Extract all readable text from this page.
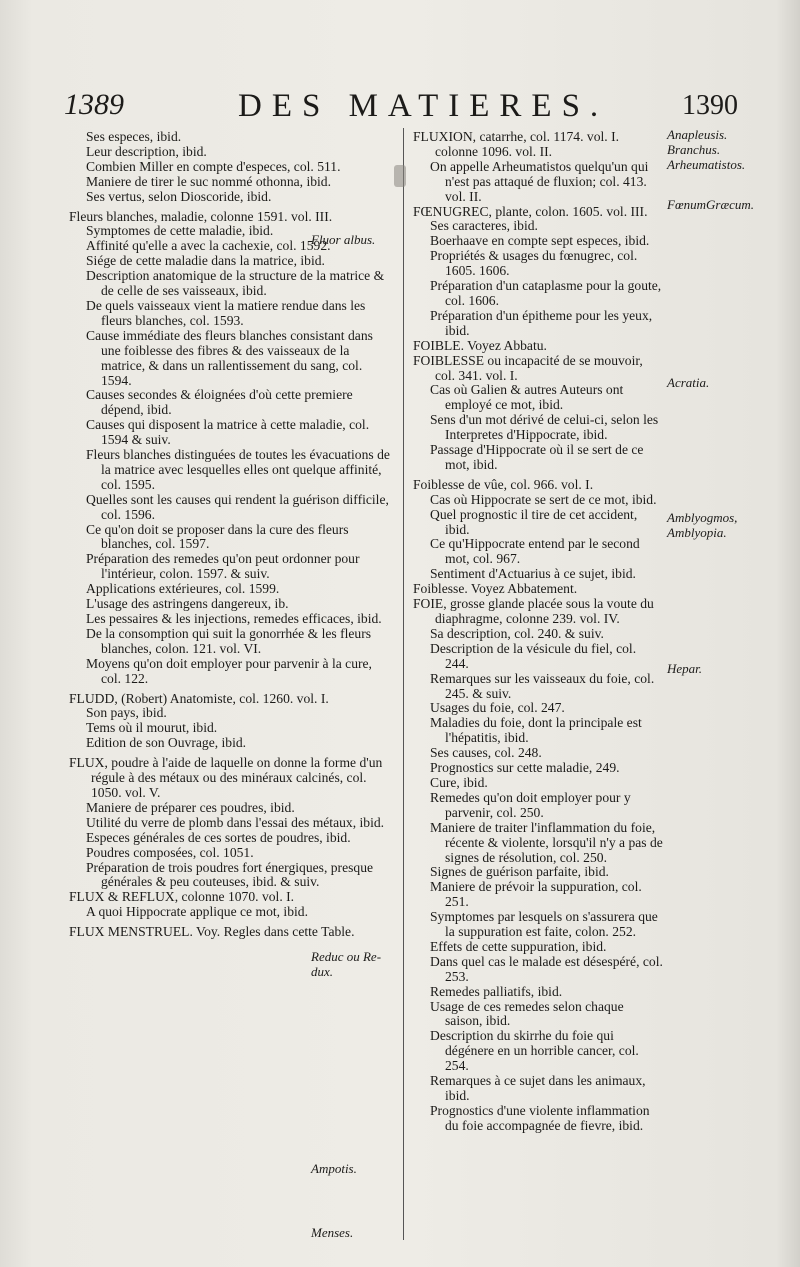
1389	DES MATIERES.	1390

Ses especes, ibid.

Leur description, ibid.

Combien Miller en compte d'especes, col. 511.

Maniere de tirer le suc nommé othonna, ibid.

Ses vertus, selon Dioscoride, ibid.

Fleurs blanches, maladie, colonne 1591. vol. III.

Symptomes de cette maladie, ibid.

Affinité qu'elle a avec la cachexie, col. 1592.

Siége de cette maladie dans la matrice, ibid.

Description anatomique de la structure de la matrice & de celle de ses vaisseaux, ibid.

De quels vaisseaux vient la matiere rendue dans les fleurs blanches, col. 1593.

Cause immédiate des fleurs blanches consistant dans une foiblesse des fibres & des vaisseaux de la matrice, & dans un rallentissement du sang, col. 1594.

Causes secondes & éloignées d'où cette premiere dépend, ibid.

Causes qui disposent la matrice à cette maladie, col. 1594 & suiv.

Fleurs blanches distinguées de toutes les évacuations de la matrice avec lesquelles elles ont quelque affinité, col. 1595.

Quelles sont les causes qui rendent la guérison difficile, col. 1596.

Ce qu'on doit se proposer dans la cure des fleurs blanches, col. 1597.

Préparation des remedes qu'on peut ordonner pour l'intérieur, colon. 1597. & suiv.

Applications extérieures, col. 1599.

L'usage des astringens dangereux, ib.

Les pessaires & les injections, remedes efficaces, ibid.

De la consomption qui suit la gonorrhée & les fleurs blanches, colon. 121. vol. VI.

Moyens qu'on doit employer pour parvenir à la cure, col. 122.

FLUDD, (Robert) Anatomiste, col. 1260. vol. I.

Son pays, ibid.

Tems où il mourut, ibid.

Edition de son Ouvrage, ibid.

FLUX, poudre à l'aide de laquelle on donne la forme d'un régule à des métaux ou des minéraux calcinés, col. 1050. vol. V.

Maniere de préparer ces poudres, ibid.

Utilité du verre de plomb dans l'essai des métaux, ibid.

Especes générales de ces sortes de poudres, ibid.

Poudres composées, col. 1051.

Préparation de trois poudres fort énergiques, presque générales & peu couteuses, ibid. & suiv.

FLUX & REFLUX, colonne 1070. vol. I.

A quoi Hippocrate applique ce mot, ibid.

FLUX MENSTRUEL. Voy. Regles dans cette Table.

FLUXION, catarrhe, col. 1174. vol. I. colonne 1096. vol. II.

On appelle Arheumatistos quelqu'un qui n'est pas attaqué de fluxion; col. 413. vol. II.

FŒNUGREC, plante, colon. 1605. vol. III.

Ses caracteres, ibid.

Boerhaave en compte sept especes, ibid.

Propriétés & usages du fœnugrec, col. 1605. 1606.

Préparation d'un cataplasme pour la goute, col. 1606.

Préparation d'un épitheme pour les yeux, ibid.

FOIBLE. Voyez Abbatu.

FOIBLESSE ou incapacité de se mouvoir, col. 341. vol. I.

Cas où Galien & autres Auteurs ont employé ce mot, ibid.

Sens d'un mot dérivé de celui-ci, selon les Interpretes d'Hippocrate, ibid.

Passage d'Hippocrate où il se sert de ce mot, ibid.

Foiblesse de vûe, col. 966. vol. I.

Cas où Hippocrate se sert de ce mot, ibid.

Quel prognostic il tire de cet accident, ibid.

Ce qu'Hippocrate entend par le second mot, col. 967.

Sentiment d'Actuarius à ce sujet, ibid.

Foiblesse. Voyez Abbatement.

FOIE, grosse glande placée sous la voute du diaphragme, colonne 239. vol. IV.

Sa description, col. 240. & suiv.

Description de la vésicule du fiel, col. 244.

Remarques sur les vaisseaux du foie, col. 245. & suiv.

Usages du foie, col. 247.

Maladies du foie, dont la principale est l'hépatitis, ibid.

Ses causes, col. 248.

Prognostics sur cette maladie, 249.

Cure, ibid.

Remedes qu'on doit employer pour y parvenir, col. 250.

Maniere de traiter l'inflammation du foie, récente & violente, lorsqu'il n'y a pas de signes de résolution, col. 250.

Signes de guérison parfaite, ibid.

Maniere de prévoir la suppuration, col. 251.

Symptomes par lesquels on s'assurera que la suppuration est faite, colon. 252.

Effets de cette suppuration, ibid.

Dans quel cas le malade est désespéré, col. 253.

Remedes palliatifs, ibid.

Usage de ces remedes selon chaque saison, ibid.

Description du skirrhe du foie qui dégénere en un horrible cancer, col. 254.

Remarques à ce sujet dans les animaux, ibid.

Prognostics d'une violente inflammation du foie accompagnée de fievre, ibid.

Fluor albus.
Reduc ou Re-
dux.
Ampotis.
Menses.
Anapleusis.
Branchus.
Arheumatistos.
FœnumGræcum.
Acratia.
Amblyogmos,
Amblyopia.
Hepar.
